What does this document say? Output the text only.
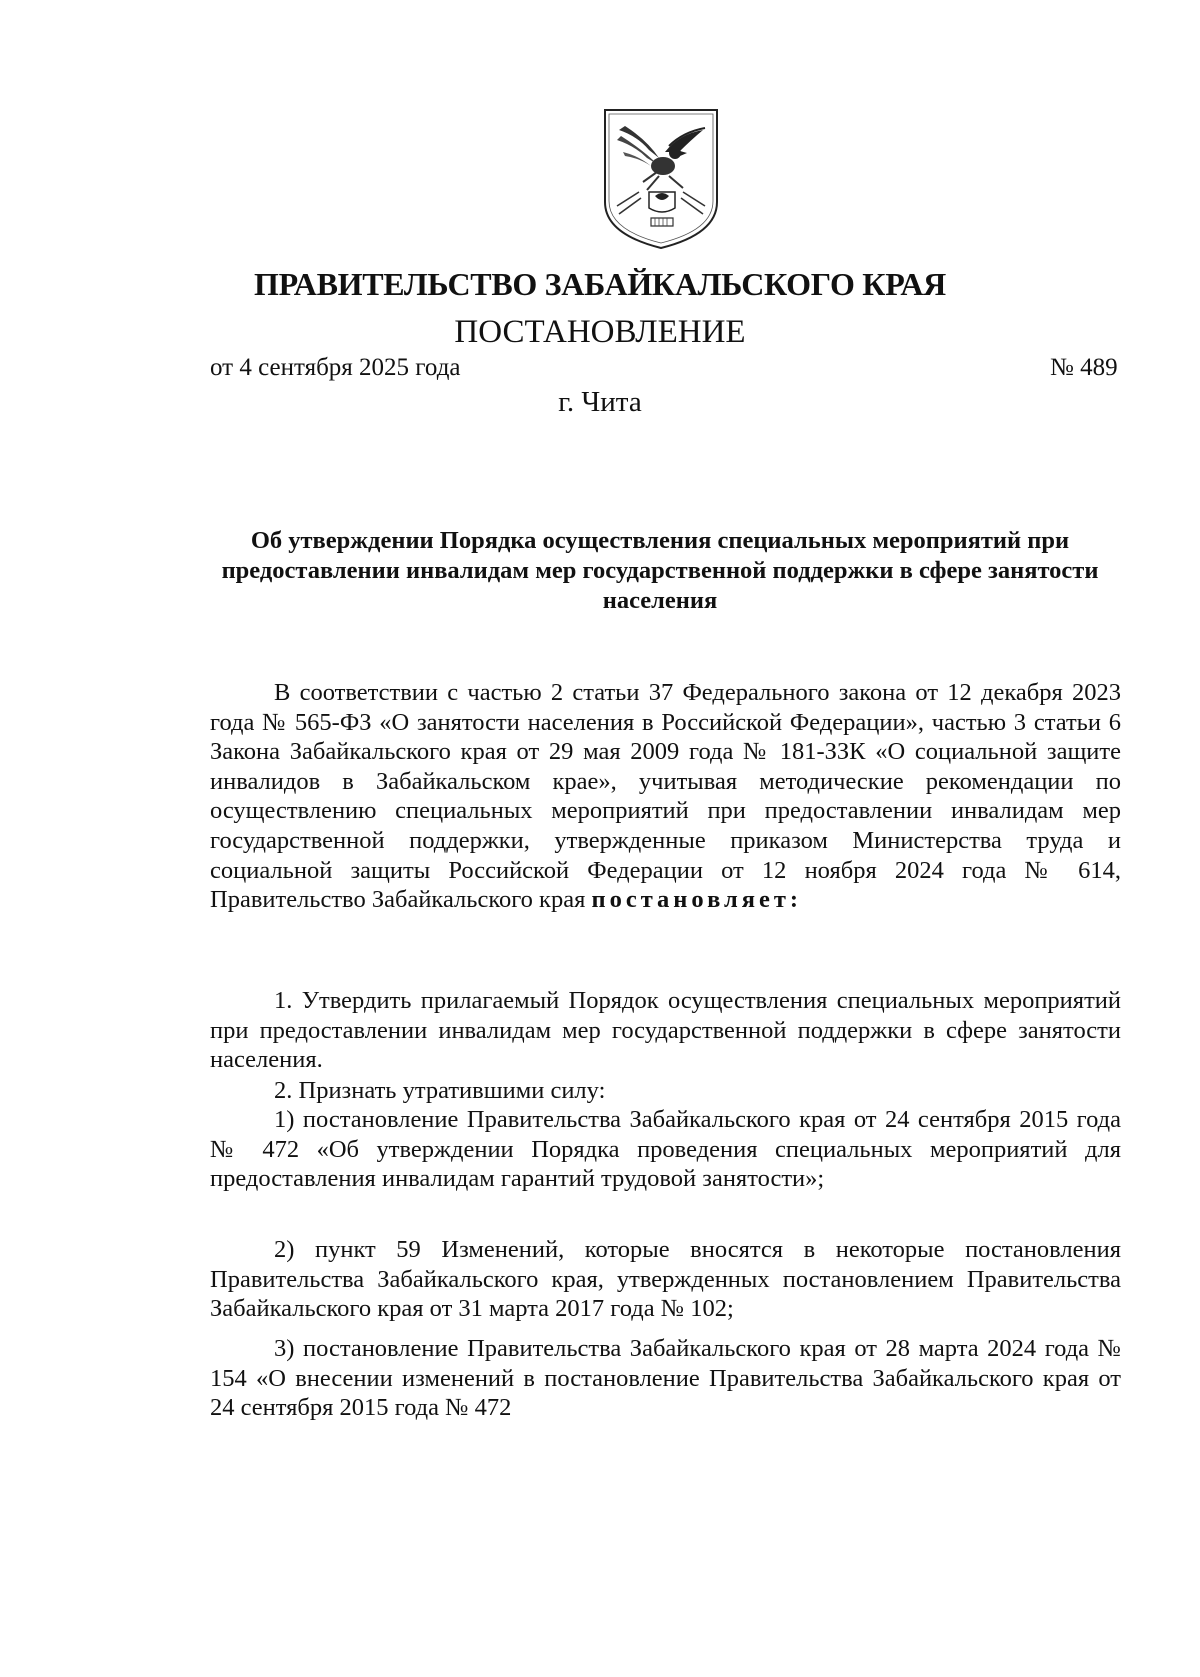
ПРАВИТЕЛЬСТВО ЗАБАЙКАЛЬСКОГО КРАЯ
ПОСТАНОВЛЕНИЕ
от 4 сентября 2025 года	№ 489
г. Чита
Об утверждении Порядка осуществления специальных мероприятий при предоставлении инвалидам мер государственной поддержки в сфере занятости населения

В соответствии с частью 2 статьи 37 Федерального закона от 12 декабря 2023 года № 565-ФЗ «О занятости населения в Российской Федерации», частью 3 статьи 6 Закона Забайкальского края от 29 мая 2009 года № 181-ЗЗК «О социальной защите инвалидов в Забайкальском крае», учитывая методические рекомендации по осуществлению специальных мероприятий при предоставлении инвалидам мер государственной поддержки, утвержденные приказом Министерства труда и социальной защиты Российской Федерации от 12 ноября 2024 года № 614, Правительство Забайкальского края постановляет:

1. Утвердить прилагаемый Порядок осуществления специальных мероприятий при предоставлении инвалидам мер государственной поддержки в сфере занятости населения.

2. Признать утратившими силу:

1) постановление Правительства Забайкальского края от 24 сентября 2015 года № 472 «Об утверждении Порядка проведения специальных мероприятий для предоставления инвалидам гарантий трудовой занятости»;

2) пункт 59 Изменений, которые вносятся в некоторые постановления Правительства Забайкальского края, утвержденных постановлением Правительства Забайкальского края от 31 марта 2017 года № 102;

3) постановление Правительства Забайкальского края от 28 марта 2024 года № 154 «О внесении изменений в постановление Правительства Забайкальского края от 24 сентября 2015 года № 472
